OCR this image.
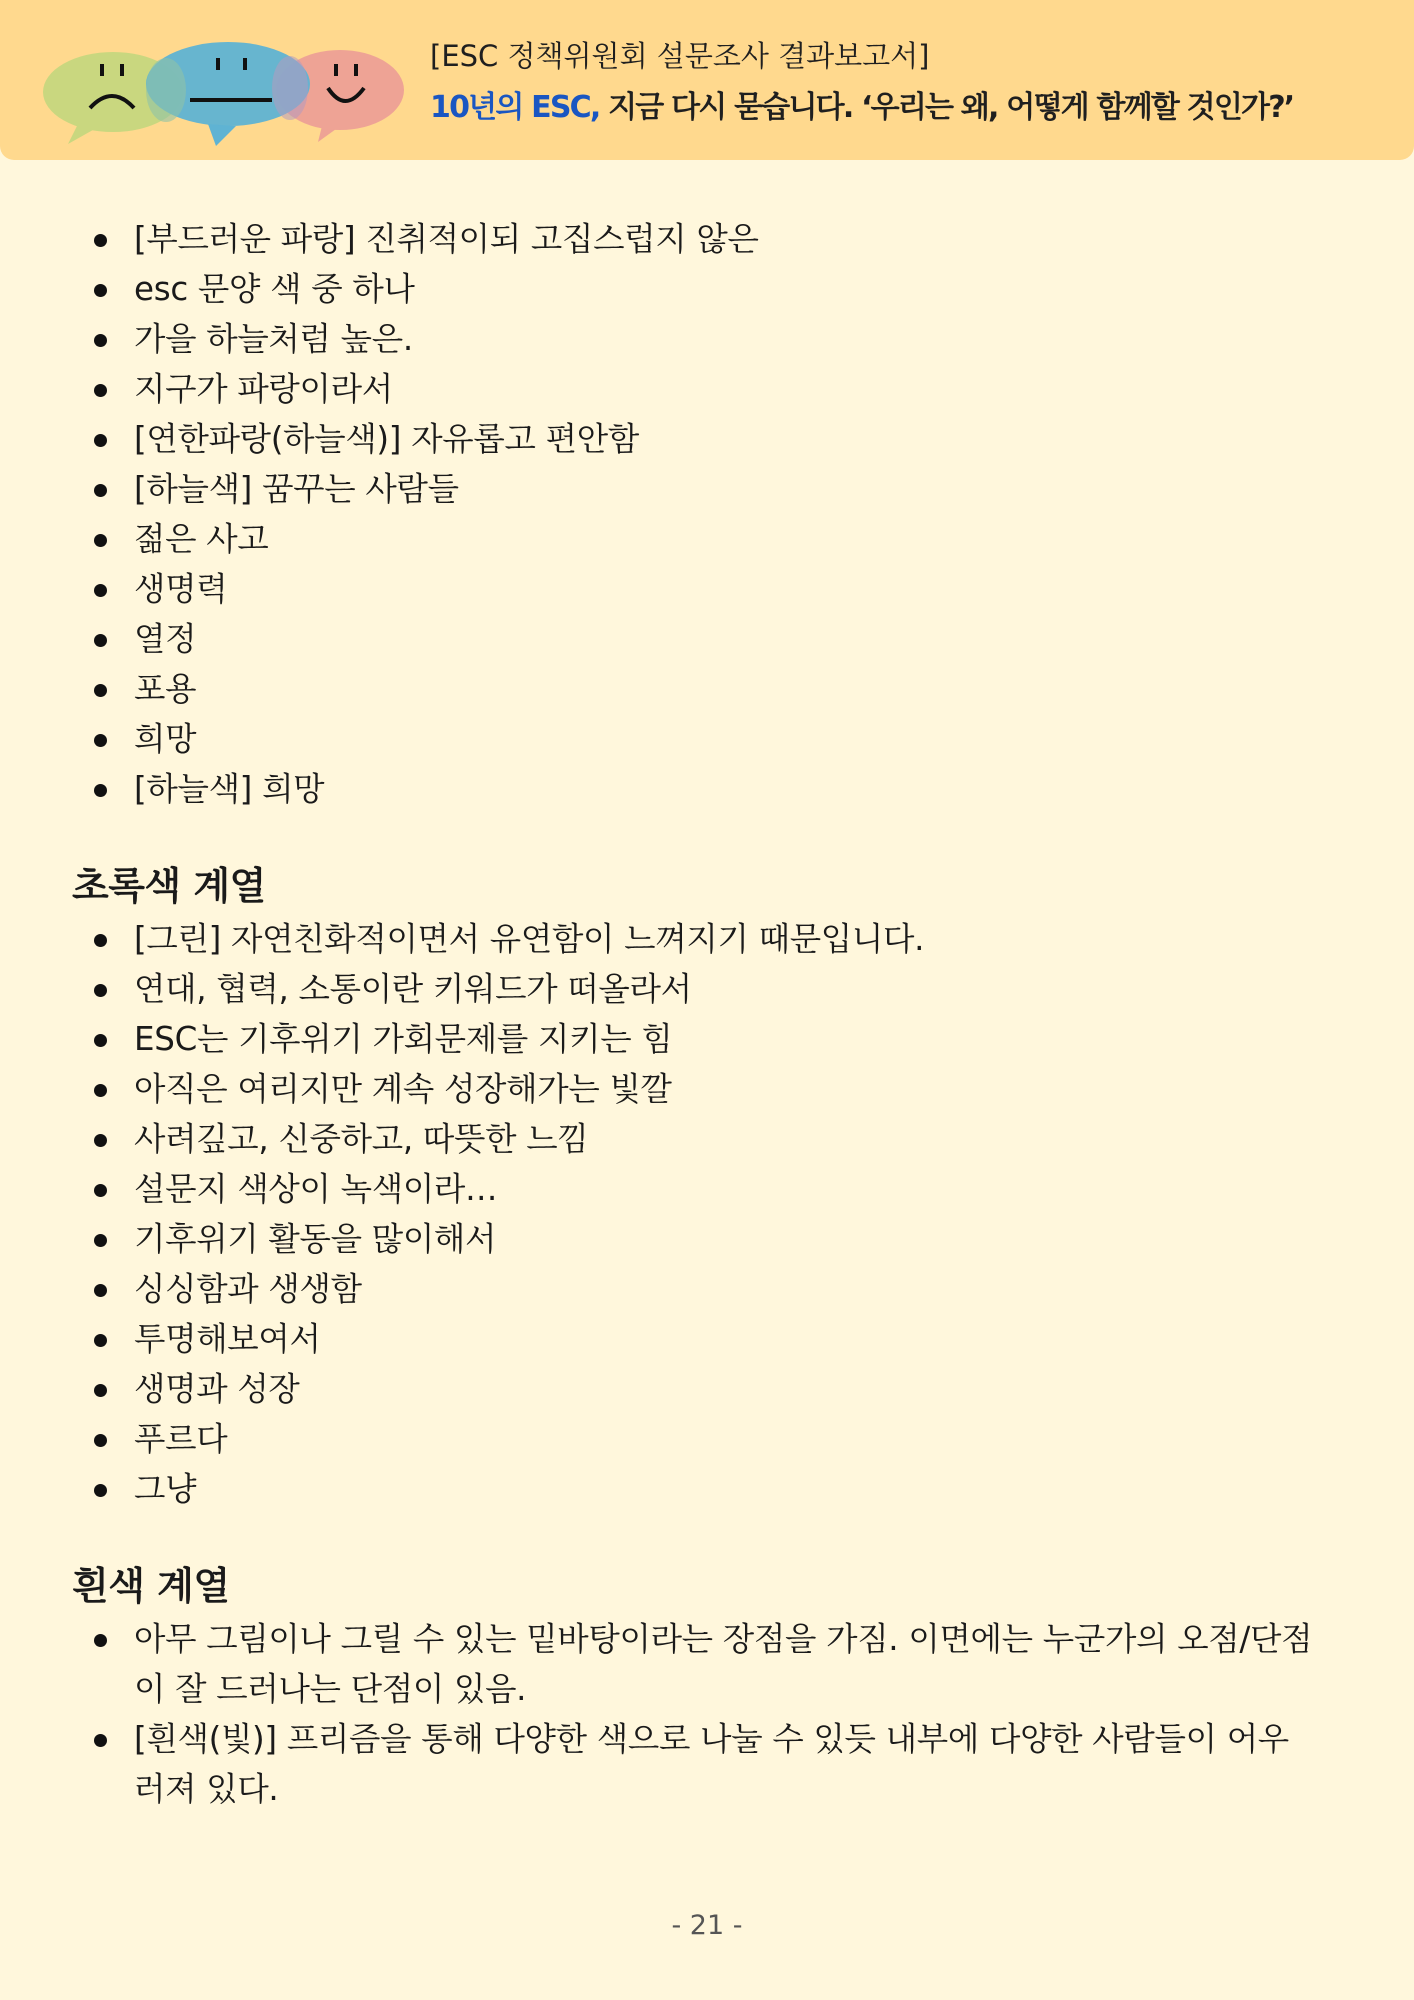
[ESC 정책위원회 설문조사 결과보고서]
10년의 ESC, 지금 다시 묻습니다. ‘우리는 왜, 어떻게 함께할 것인가?’
[부드러운 파랑] 진취적이되 고집스럽지 않은
esc 문양 색 중 하나
가을 하늘처럼 높은.
지구가 파랑이라서
[연한파랑(하늘색)] 자유롭고 편안함
[하늘색] 꿈꾸는 사람들
젊은 사고
생명력
열정
포용
희망
[하늘색] 희망
초록색 계열
[그린] 자연친화적이면서 유연함이 느껴지기 때문입니다.
연대, 협력, 소통이란 키워드가 떠올라서
ESC는 기후위기 가회문제를 지키는 힘
아직은 여리지만 계속 성장해가는 빛깔
사려깊고, 신중하고, 따뜻한 느낌
설문지 색상이 녹색이라…
기후위기 활동을 많이해서
싱싱함과 생생함
투명해보여서
생명과 성장
푸르다
그냥
흰색 계열
아무 그림이나 그릴 수 있는 밑바탕이라는 장점을 가짐. 이면에는 누군가의 오점/단점이 잘 드러나는 단점이 있음.
[흰색(빛)] 프리즘을 통해 다양한 색으로 나눌 수 있듯 내부에 다양한 사람들이 어우러져 있다.
- 21 -
